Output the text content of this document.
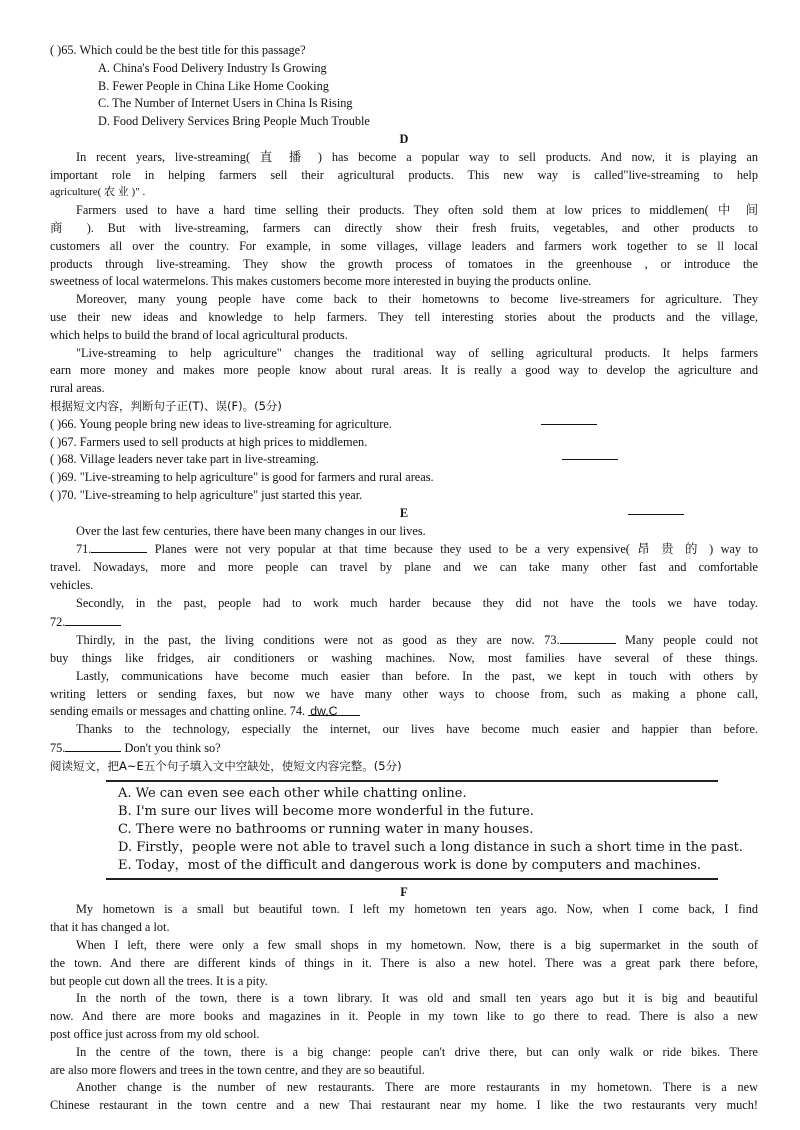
( )65. Which could be the best title for this passage?
A. China's Food Delivery Industry Is Growing
B. Fewer People in China Like Home Cooking
C. The Number of Internet Users in China Is Rising
D. Food Delivery Services Bring People Much Trouble
D
In recent years, live-streaming( 直 播 ) has become a popular way to sell products. And now, it is playing an
important role in helping farmers sell their agricultural products. This new way is called"live-streaming to help
agriculture( 农 业 )" .
Farmers used to have a hard time selling their products. They often sold them at low prices to middlemen( 中 间
商 ). But with live-streaming, farmers can directly show their fresh fruits, vegetables, and other products to
customers all over the country. For example, in some villages, village leaders and farmers work together to se ll local
products through live-streaming. They show the growth process of tomatoes in the greenhouse , or introduce the
sweetness of local watermelons. This makes customers become more interested in buying the products online.
Moreover, many young people have come back to their hometowns to become live-streamers for agriculture. They
use their new ideas and knowledge to help farmers. They tell interesting stories about the products and the village,
which helps to build the brand of local agricultural products.
"Live-streaming to help agriculture" changes the traditional way of selling agricultural products. It helps farmers
earn more money and makes more people know about rural areas. It is really a good way to develop the agriculture and
rural areas.
根据短文内容，判断句子正(T)、误(F)。(5分)
( )66. Young people bring new ideas to live-streaming for agriculture.
( )67. Farmers used to sell products at high prices to middlemen.
( )68. Village leaders never take part in live-streaming.
( )69. "Live-streaming to help agriculture" is good for farmers and rural areas.
( )70. "Live-streaming to help agriculture" just started this year.
E
Over the last few centuries, there have been many changes in our lives.
71.	Planes were not very popular at that time because they used to be a very expensive( 昂 贵 的 ) way to
travel. Nowadays, more and more people can travel by plane and we can take many other fast and comfortable
vehicles.
Secondly, in the past, people had to work much harder because they did not have the tools we have today.
72.
Thirdly, in the past, the living conditions were not as good as they are now. 73.	Many people could not
buy things like fridges, air conditioners or washing machines. Now, most families have several of these things.
Lastly, communications have become much easier than before. In the past, we kept in touch with others by
writing letters or sending faxes, but now we have many other ways to choose from, such as making a phone call,
sending emails or messages and chatting online. 74. dw,C
Thanks to the technology, especially the internet, our lives have become much easier and happier than before.
75.	Don't you think so?
阅读短文，把A~E五个句子填入文中空缺处，使短文内容完整。(5分)
A. We can even see each other while chatting online.
B. I'm sure our lives will become more wonderful in the future.
C. There were no bathrooms or running water in many houses.
D. Firstly，people were not able to travel such a long distance in such a short time in the past.
E. Today，most of the difficult and dangerous work is done by computers and machines.
F
My hometown is a small but beautiful town. I left my hometown ten years ago. Now, when I come back, I find
that it has changed a lot.
When I left, there were only a few small shops in my hometown. Now, there is a big supermarket in the south of
the town. And there are different kinds of things in it. There is also a new hotel. There was a great park there before,
but people cut down all the trees. It is a pity.
In the north of the town, there is a town library. It was old and small ten years ago but it is big and beautiful
now. And there are more books and magazines in it. People in my town like to go there to read. There is also a new
post office just across from my old school.
In the centre of the town, there is a big change: people can't drive there, but can only walk or ride bikes. There
are also more flowers and trees in the town centre, and they are so beautiful.
Another change is the number of new restaurants. There are more restaurants in my hometown. There is a new
Chinese restaurant in the town centre and a new Thai restaurant near my home. I like the two restaurants very much!
